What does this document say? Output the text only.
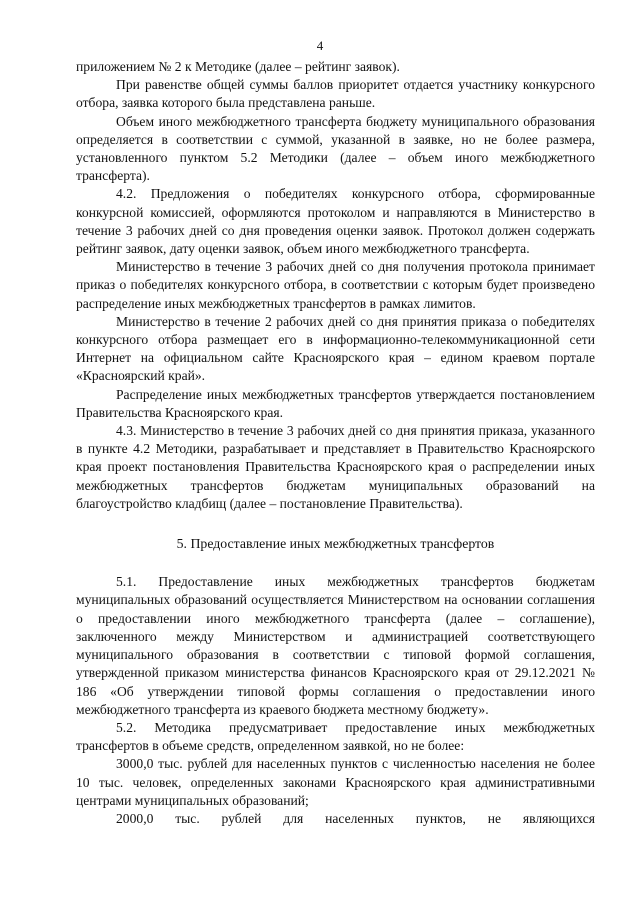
4

приложением № 2 к Методике (далее – рейтинг заявок).

При равенстве общей суммы баллов приоритет отдается участнику конкурсного отбора, заявка которого была представлена раньше.

Объем иного межбюджетного трансферта бюджету муниципального образования определяется в соответствии с суммой, указанной в заявке, но не более размера, установленного пунктом 5.2 Методики (далее – объем иного межбюджетного трансферта).

4.2. Предложения о победителях конкурсного отбора, сформированные конкурсной комиссией, оформляются протоколом и направляются в Министерство в течение 3 рабочих дней со дня проведения оценки заявок. Протокол должен содержать рейтинг заявок, дату оценки заявок, объем иного межбюджетного трансферта.

Министерство в течение 3 рабочих дней со дня получения протокола принимает приказ о победителях конкурсного отбора, в соответствии с которым будет произведено распределение иных межбюджетных трансфертов в рамках лимитов.

Министерство в течение 2 рабочих дней со дня принятия приказа о победителях конкурсного отбора размещает его в информационно-телекоммуникационной сети Интернет на официальном сайте Красноярского края – едином краевом портале «Красноярский край».

Распределение иных межбюджетных трансфертов утверждается постановлением Правительства Красноярского края.

4.3. Министерство в течение 3 рабочих дней со дня принятия приказа, указанного в пункте 4.2 Методики, разрабатывает и представляет в Правительство Красноярского края проект постановления Правительства Красноярского края о распределении иных межбюджетных трансфертов бюджетам муниципальных образований на благоустройство кладбищ (далее – постановление Правительства).

5. Предоставление иных межбюджетных трансфертов

5.1. Предоставление иных межбюджетных трансфертов бюджетам муниципальных образований осуществляется Министерством на основании соглашения о предоставлении иного межбюджетного трансферта (далее – соглашение), заключенного между Министерством и администрацией соответствующего муниципального образования в соответствии с типовой формой соглашения, утвержденной приказом министерства финансов Красноярского края от 29.12.2021 № 186 «Об утверждении типовой формы соглашения о предоставлении иного межбюджетного трансферта из краевого бюджета местному бюджету».

5.2. Методика предусматривает предоставление иных межбюджетных трансфертов в объеме средств, определенном заявкой, но не более:

3000,0 тыс. рублей для населенных пунктов с численностью населения не более 10 тыс. человек, определенных законами Красноярского края административными центрами муниципальных образований;

2000,0 тыс. рублей для населенных пунктов, не являющихся
